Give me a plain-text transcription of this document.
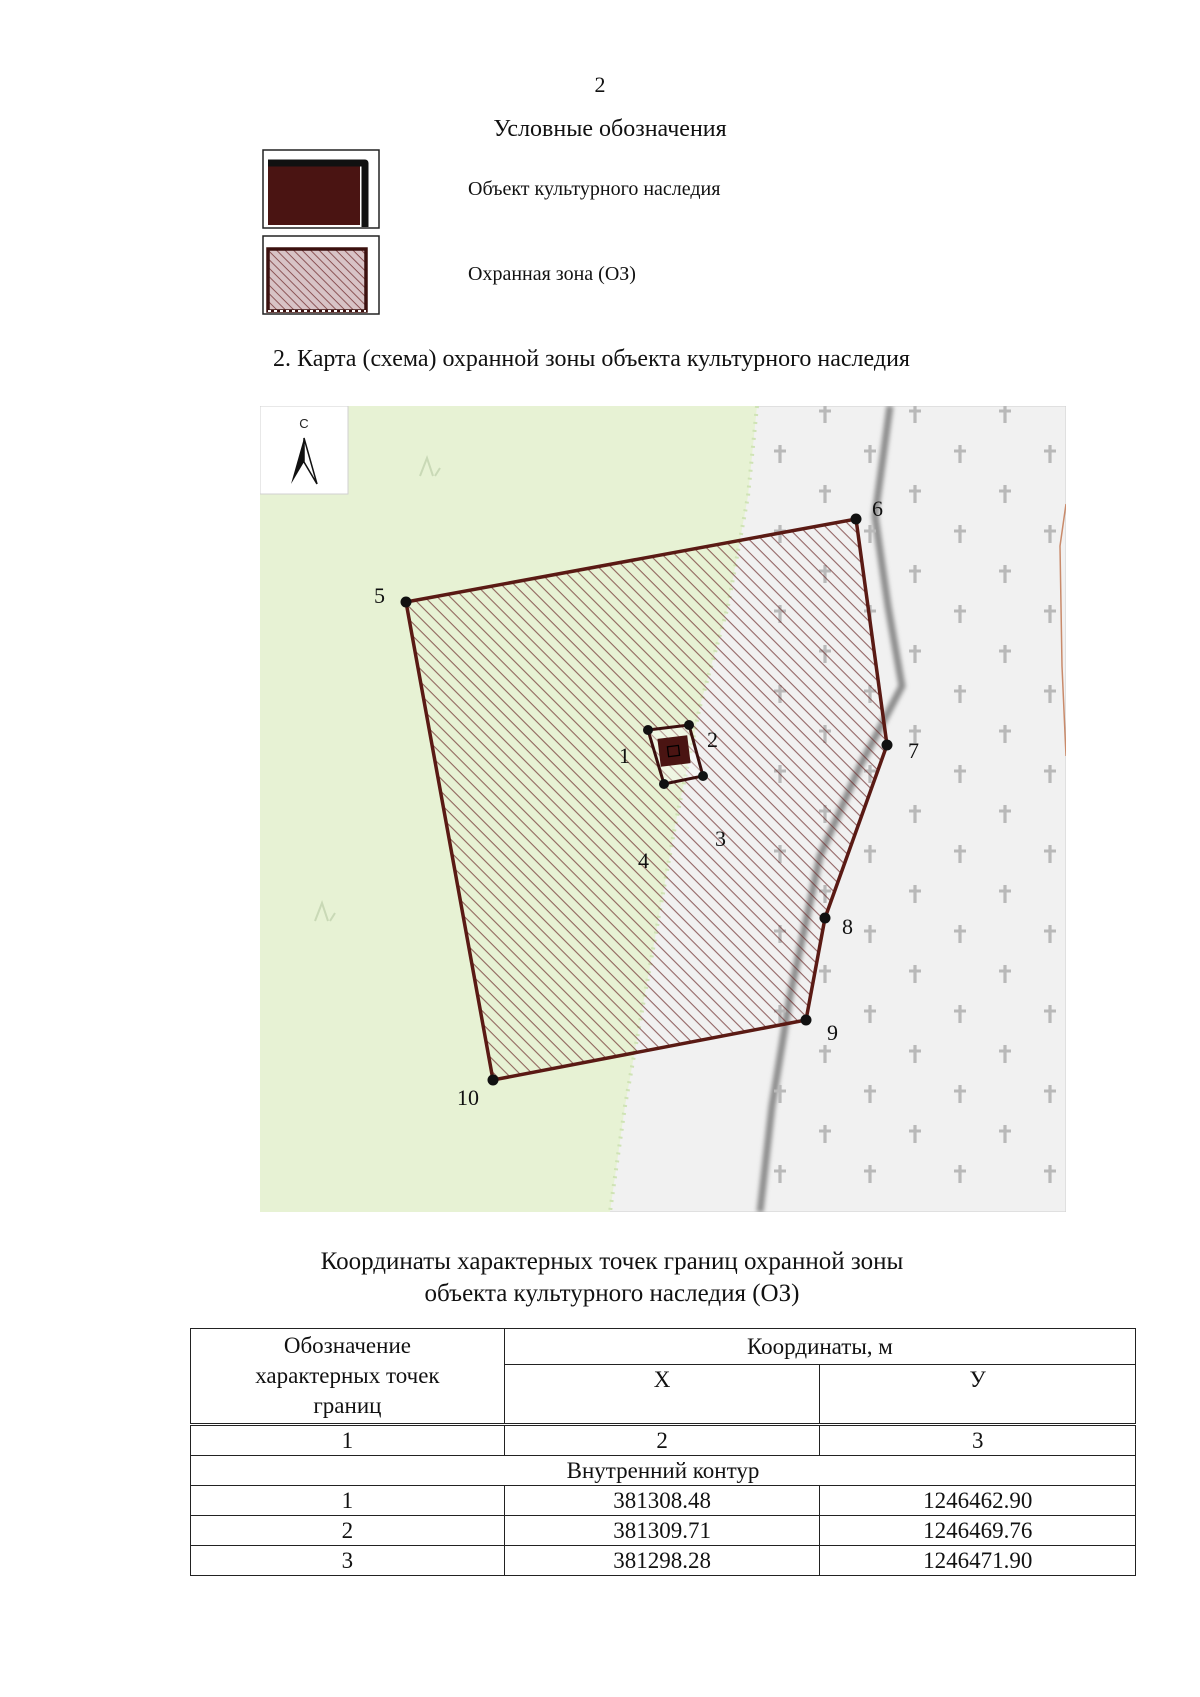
2
Условные обозначения
Объект культурного наследия
Охранная зона (ОЗ)
2. Карта (схема) охранной зоны объекта культурного наследия
1
2
3
4
5
6
7
8
9
10
С
Координаты характерных точек границ охранной зоны
объекта культурного наследия (ОЗ)
Обозначение характерных точек границ	Координаты, м	
	Х	У
1	2	3
Внутренний контур		
1	381308.48	1246462.90
2	381309.71	1246469.76
3	381298.28	1246471.90
